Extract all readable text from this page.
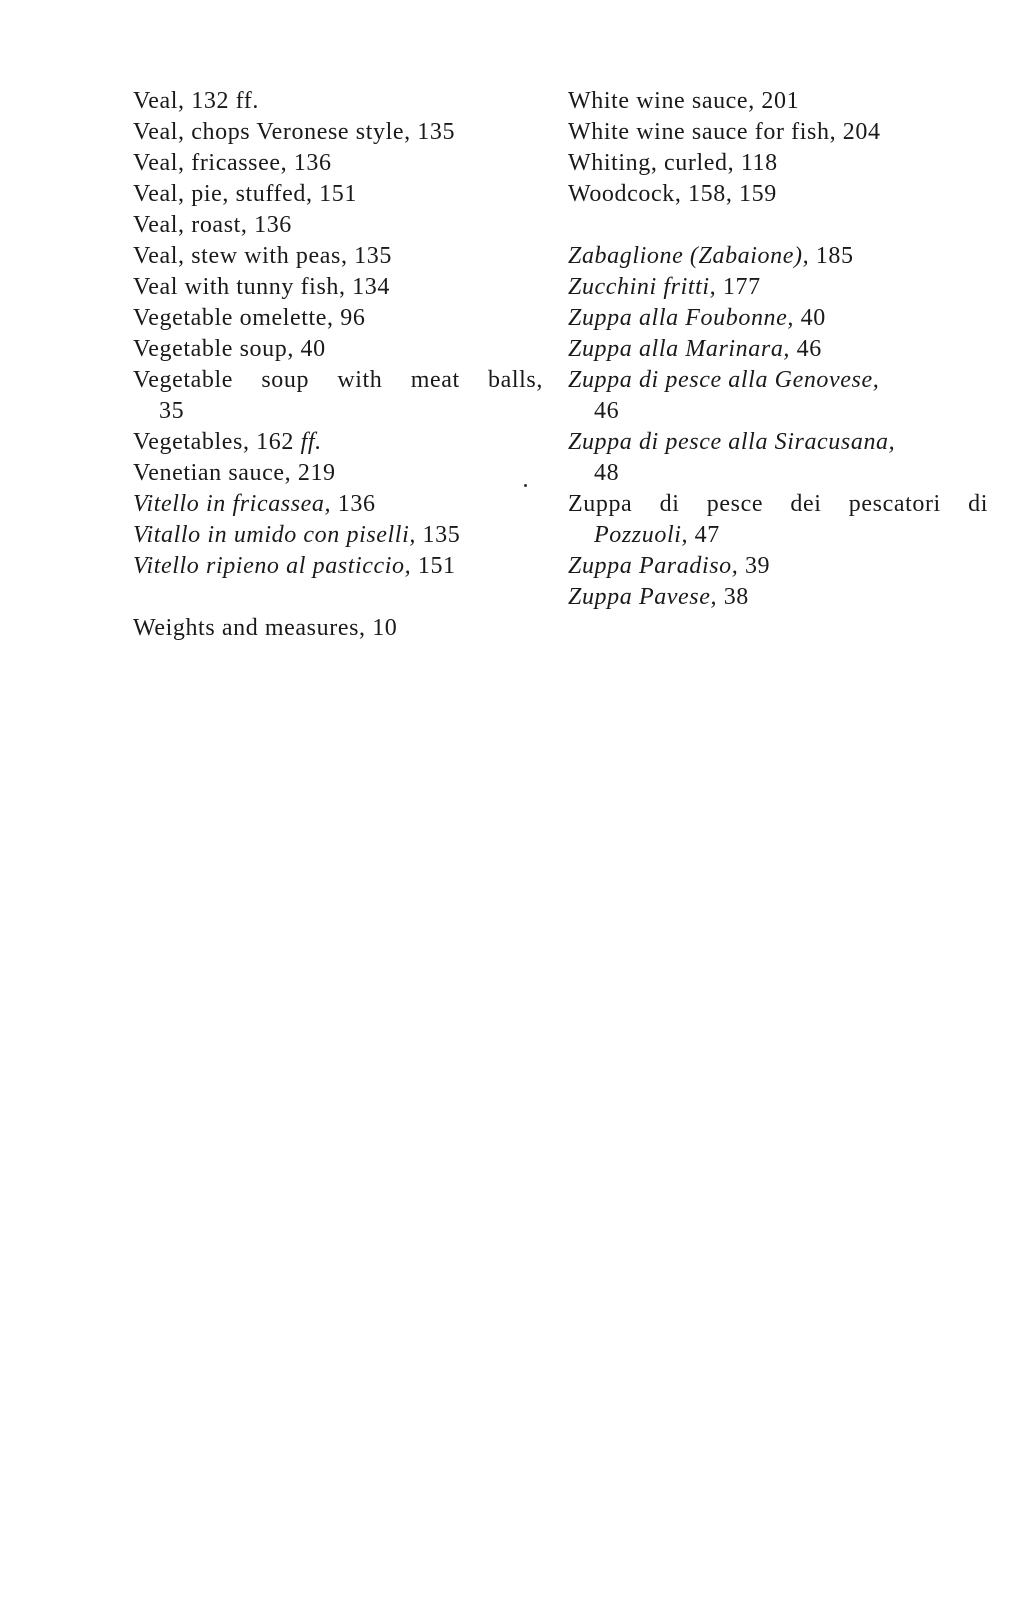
Veal, 132 ff.
Veal, chops Veronese style, 135
Veal, fricassee, 136
Veal, pie, stuffed, 151
Veal, roast, 136
Veal, stew with peas, 135
Veal with tunny fish, 134
Vegetable omelette, 96
Vegetable soup, 40
Vegetable soup with meat balls,
35
Vegetables, 162 ff.
Venetian sauce, 219
Vitello in fricassea, 136
Vitallo in umido con piselli, 135
Vitello ripieno al pasticcio, 151
Weights and measures, 10
White wine sauce, 201
White wine sauce for fish, 204
Whiting, curled, 118
Woodcock, 158, 159
Zabaglione (Zabaione), 185
Zucchini fritti, 177
Zuppa alla Foubonne, 40
Zuppa alla Marinara, 46
Zuppa di pesce alla Genovese,
46
Zuppa di pesce alla Siracusana,
48
Zuppa di pesce dei pescatori di
Pozzuoli, 47
Zuppa Paradiso, 39
Zuppa Pavese, 38
